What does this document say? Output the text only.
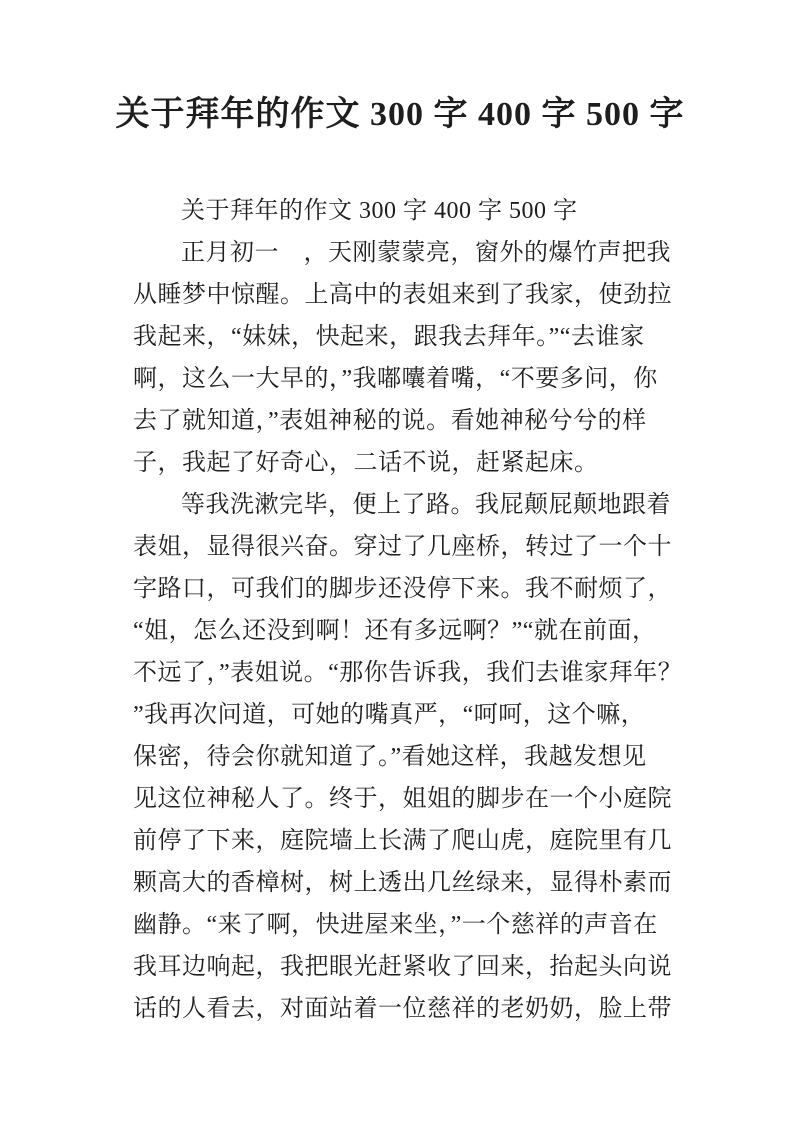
关于拜年的作文 300 字 400 字 500 字
关于拜年的作文 300 字 400 字 500 字
正月初一　，天刚蒙蒙亮，窗外的爆竹声把我
从睡梦中惊醒。上高中的表姐来到了我家，使劲拉
我起来，“妹妹，快起来，跟我去拜年。”“去谁家
啊，这么一大早的，”我嘟囔着嘴，“不要多问，你
去了就知道，”表姐神秘的说。看她神秘兮兮的样
子，我起了好奇心，二话不说，赶紧起床。
等我洗漱完毕，便上了路。我屁颠屁颠地跟着
表姐，显得很兴奋。穿过了几座桥，转过了一个十
字路口，可我们的脚步还没停下来。我不耐烦了，
“姐，怎么还没到啊！还有多远啊？”“就在前面，
不远了，”表姐说。“那你告诉我，我们去谁家拜年？
”我再次问道，可她的嘴真严，“呵呵，这个嘛，
保密，待会你就知道了。”看她这样，我越发想见
见这位神秘人了。终于，姐姐的脚步在一个小庭院
前停了下来，庭院墙上长满了爬山虎，庭院里有几
颗高大的香樟树，树上透出几丝绿来，显得朴素而
幽静。“来了啊，快进屋来坐，”一个慈祥的声音在
我耳边响起，我把眼光赶紧收了回来，抬起头向说
话的人看去，对面站着一位慈祥的老奶奶，脸上带
